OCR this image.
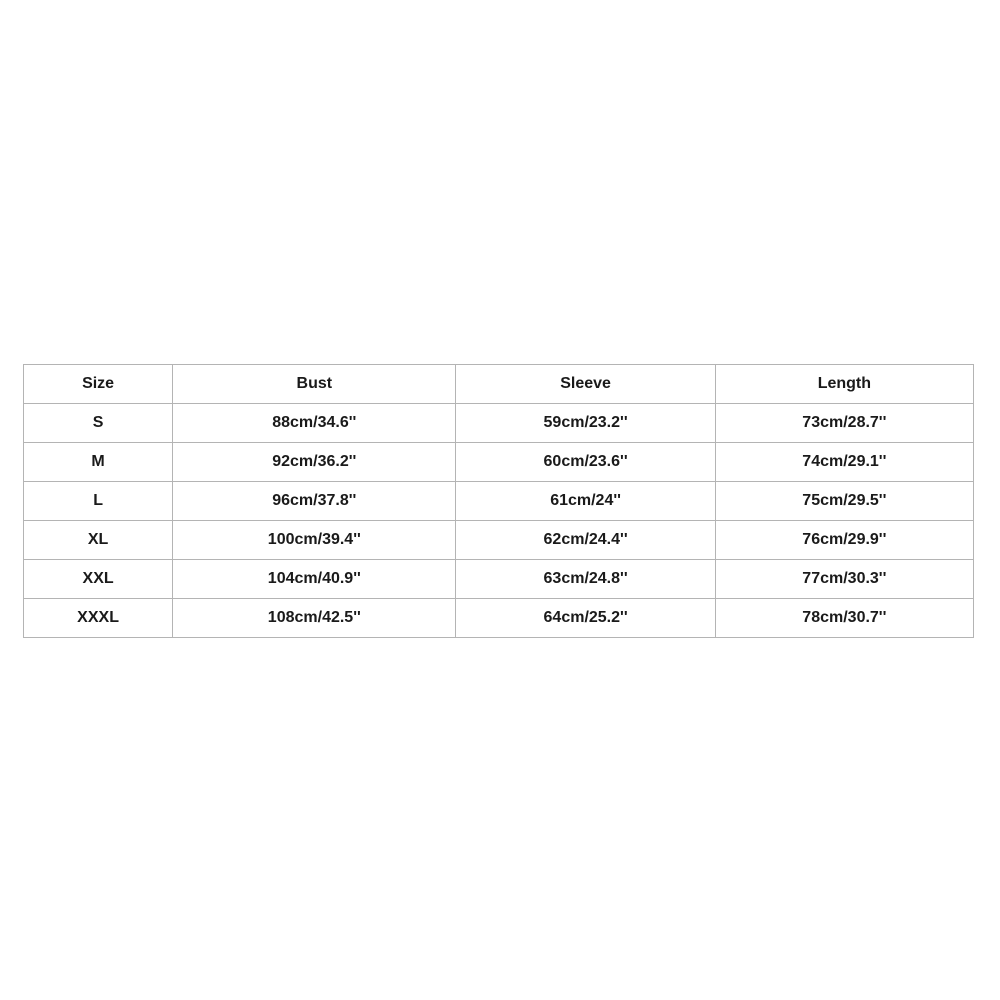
Size	Bust	Sleeve	Length
S	88cm/34.6''	59cm/23.2''	73cm/28.7''
M	92cm/36.2''	60cm/23.6''	74cm/29.1''
L	96cm/37.8''	61cm/24''	75cm/29.5''
XL	100cm/39.4''	62cm/24.4''	76cm/29.9''
XXL	104cm/40.9''	63cm/24.8''	77cm/30.3''
XXXL	108cm/42.5''	64cm/25.2''	78cm/30.7''
